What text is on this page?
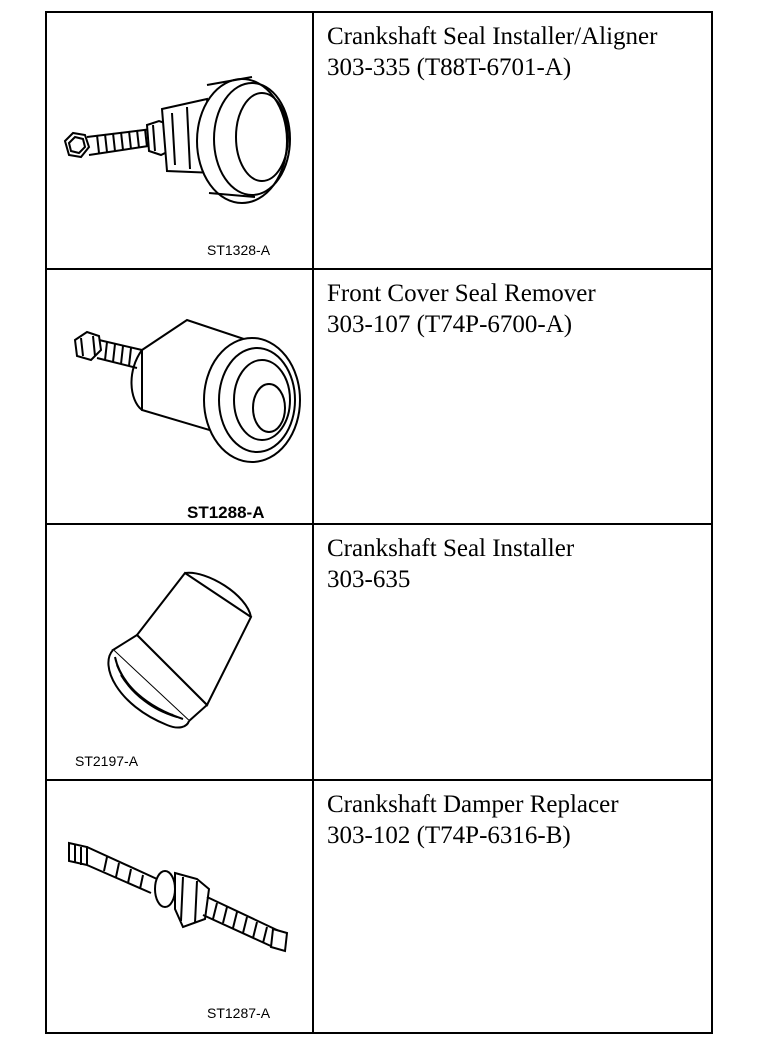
ST1328-A
Crankshaft Seal Installer/Aligner
303-335 (T88T-6701-A)
ST1288-A
Front Cover Seal Remover
303-107 (T74P-6700-A)
ST2197-A
Crankshaft Seal Installer
303-635
ST1287-A
Crankshaft Damper Replacer
303-102 (T74P-6316-B)
